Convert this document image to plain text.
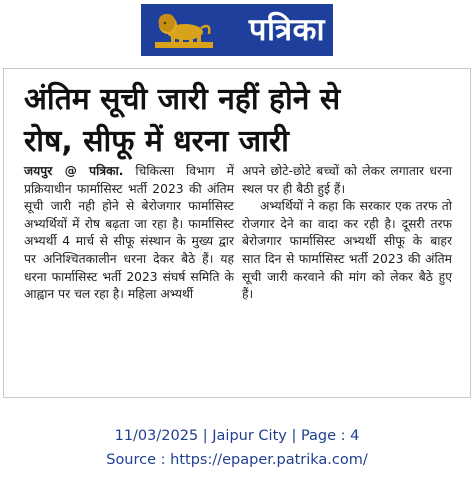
पत्रिका
अंतिम सूची जारी नहीं होने से
रोष, सीफू में धरना जारी

जयपुर @ पत्रिका. चिकित्सा विभाग में प्रक्रियाधीन फार्मासिस्ट भर्ती 2023 की अंतिम सूची जारी नही होने से बेरोजगार फार्मासिस्ट अभ्यर्थियों में रोष बढ़ता जा रहा है। फार्मासिस्ट अभ्यर्थी 4 मार्च से सीफू संस्थान के मुख्य द्वार पर अनिश्चितकालीन धरना देकर बैठे हैं। यह धरना फार्मासिस्ट भर्ती 2023 संघर्ष समिति के आह्वान पर चल रहा है। महिला अभ्यर्थी

अपने छोटे-छोटे बच्चों को लेकर लगातार धरना स्थल पर ही बैठी हुई हैं।

अभ्यर्थियों ने कहा कि सरकार एक तरफ तो रोजगार देने का वादा कर रही है। दूसरी तरफ बेरोजगार फार्मासिस्ट अभ्यर्थी सीफू के बाहर सात दिन से फार्मासिस्ट भर्ती 2023 की अंतिम सूची जारी करवाने की मांग को लेकर बैठे हुए हैं।

11/03/2025 | Jaipur City | Page : 4
Source : https://epaper.patrika.com/
